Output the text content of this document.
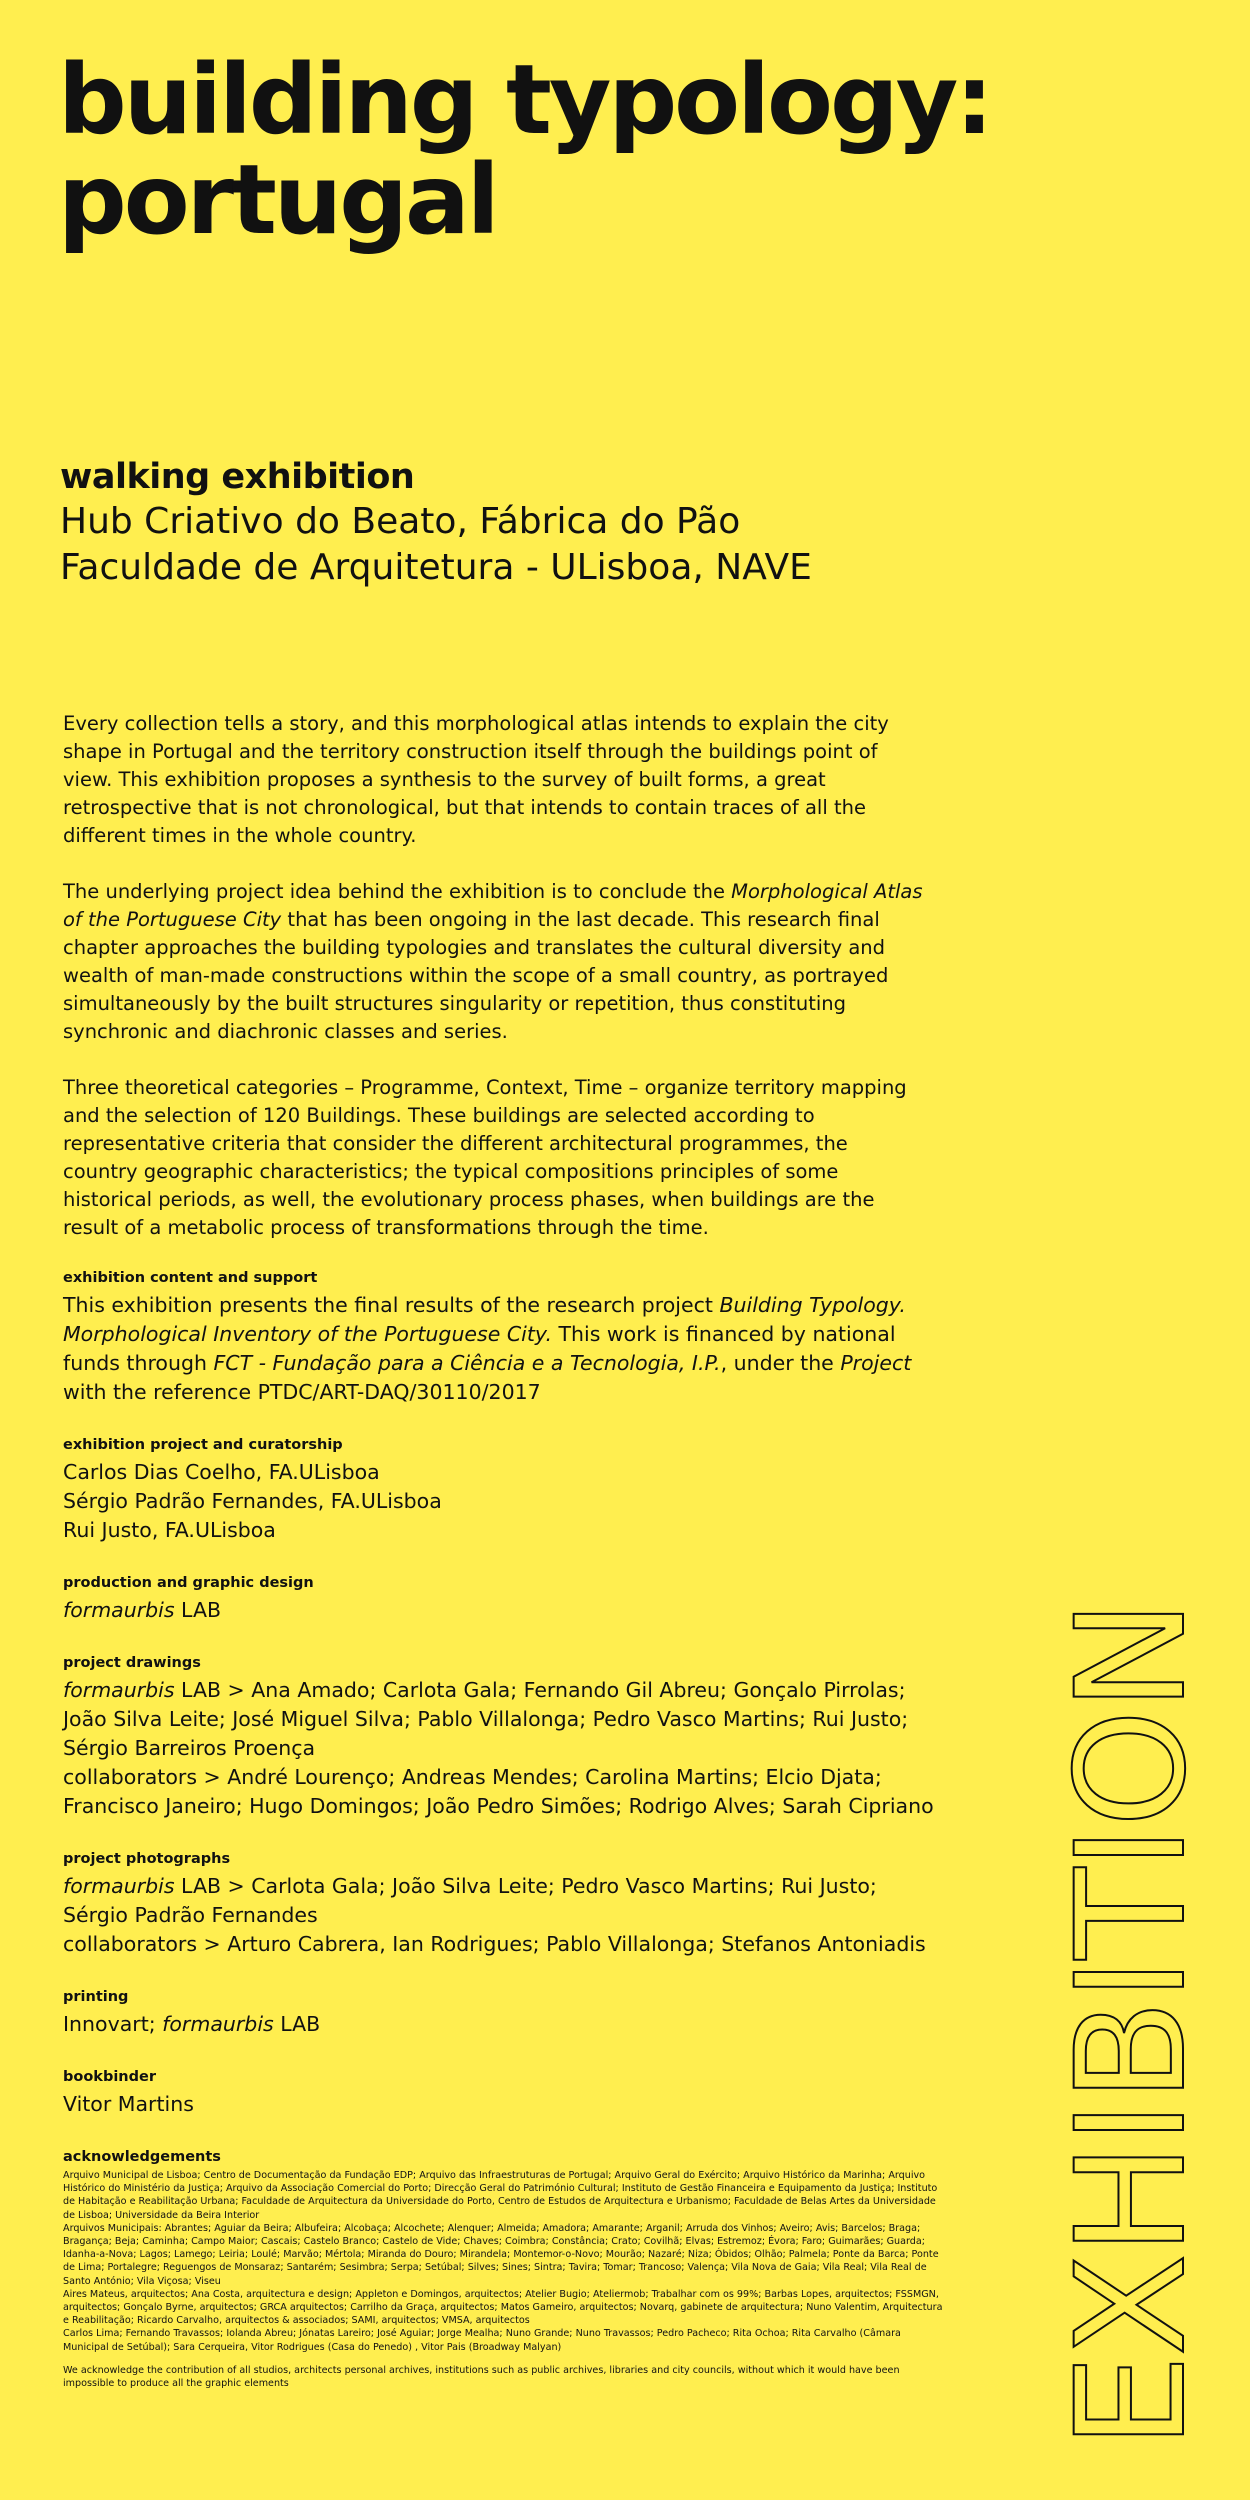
building typology:
portugal
walking exhibition
Hub Criativo do Beato, Fábrica do Pão
Faculdade de Arquitetura - ULisboa, NAVE

Every collection tells a story, and this morphological atlas intends to explain the city shape in Portugal and the territory construction itself through the buildings point of view. This exhibition proposes a synthesis to the survey of built forms, a great retrospective that is not chronological, but that intends to contain traces of all the different times in the whole country.

The underlying project idea behind the exhibition is to conclude the Morphological Atlas of the Portuguese City that has been ongoing in the last decade. This research final chapter approaches the building typologies and translates the cultural diversity and wealth of man-made constructions within the scope of a small country, as portrayed simultaneously by the built structures singularity or repetition, thus constituting synchronic and diachronic classes and series.

Three theoretical categories – Programme, Context, Time – organize territory mapping and the selection of 120 Buildings. These buildings are selected according to representative criteria that consider the different architectural programmes, the country geographic characteristics; the typical compositions principles of some historical periods, as well, the evolutionary process phases, when buildings are the result of a metabolic process of transformations through the time.

exhibition content and support
This exhibition presents the final results of the research project Building Typology. Morphological Inventory of the Portuguese City. This work is financed by national funds through FCT - Fundação para a Ciência e a Tecnologia, I.P., under the Project with the reference PTDC/ART-DAQ/30110/2017
exhibition project and curatorship
Carlos Dias Coelho, FA.ULisboa
Sérgio Padrão Fernandes, FA.ULisboa
Rui Justo, FA.ULisboa
production and graphic design
formaurbis LAB
project drawings
formaurbis LAB > Ana Amado; Carlota Gala; Fernando Gil Abreu; Gonçalo Pirrolas; João Silva Leite; José Miguel Silva; Pablo Villalonga; Pedro Vasco Martins; Rui Justo; Sérgio Barreiros Proença
collaborators > André Lourenço; Andreas Mendes; Carolina Martins; Elcio Djata; Francisco Janeiro; Hugo Domingos; João Pedro Simões; Rodrigo Alves; Sarah Cipriano
project photographs
formaurbis LAB > Carlota Gala; João Silva Leite; Pedro Vasco Martins; Rui Justo; Sérgio Padrão Fernandes
collaborators > Arturo Cabrera, Ian Rodrigues; Pablo Villalonga; Stefanos Antoniadis
printing
Innovart; formaurbis LAB
bookbinder
Vitor Martins
acknowledgements

Arquivo Municipal de Lisboa; Centro de Documentação da Fundação EDP; Arquivo das Infraestruturas de Portugal; Arquivo Geral do Exército; Arquivo Histórico da Marinha; Arquivo Histórico do Ministério da Justiça; Arquivo da Associação Comercial do Porto; Direcção Geral do Património Cultural; Instituto de Gestão Financeira e Equipamento da Justiça; Instituto de Habitação e Reabilitação Urbana; Faculdade de Arquitectura da Universidade do Porto, Centro de Estudos de Arquitectura e Urbanismo; Faculdade de Belas Artes da Universidade de Lisboa; Universidade da Beira Interior

Arquivos Municipais: Abrantes; Aguiar da Beira; Albufeira; Alcobaça; Alcochete; Alenquer; Almeida; Amadora; Amarante; Arganil; Arruda dos Vinhos; Aveiro; Avis; Barcelos; Braga; Bragança; Beja; Caminha; Campo Maior; Cascais; Castelo Branco; Castelo de Vide; Chaves; Coimbra; Constância; Crato; Covilhã; Elvas; Estremoz; Évora; Faro; Guimarães; Guarda; Idanha-a-Nova; Lagos; Lamego; Leiria; Loulé; Marvão; Mértola; Miranda do Douro; Mirandela; Montemor-o-Novo; Mourão; Nazaré; Niza; Óbidos; Olhão; Palmela; Ponte da Barca; Ponte de Lima; Portalegre; Reguengos de Monsaraz; Santarém; Sesimbra; Serpa; Setúbal; Silves; Sines; Sintra; Tavira; Tomar; Trancoso; Valença; Vila Nova de Gaia; Vila Real; Vila Real de Santo António; Vila Viçosa; Viseu

Aires Mateus, arquitectos; Ana Costa, arquitectura e design; Appleton e Domingos, arquitectos; Atelier Bugio; Ateliermob; Trabalhar com os 99%; Barbas Lopes, arquitectos; FSSMGN, arquitectos; Gonçalo Byrne, arquitectos; GRCA arquitectos; Carrilho da Graça, arquitectos; Matos Gameiro, arquitectos; Novarq, gabinete de arquitectura; Nuno Valentim, Arquitectura e Reabilitação; Ricardo Carvalho, arquitectos & associados; SAMI, arquitectos; VMSA, arquitectos

Carlos Lima; Fernando Travassos; Iolanda Abreu; Jónatas Lareiro; José Aguiar; Jorge Mealha; Nuno Grande; Nuno Travassos; Pedro Pacheco; Rita Ochoa; Rita Carvalho (Câmara Municipal de Setúbal); Sara Cerqueira, Vitor Rodrigues (Casa do Penedo) , Vitor Pais (Broadway Malyan)

We acknowledge the contribution of all studios, architects personal archives, institutions such as public archives, libraries and city councils, without which it would have been impossible to produce all the graphic elements	EXHIBITION
